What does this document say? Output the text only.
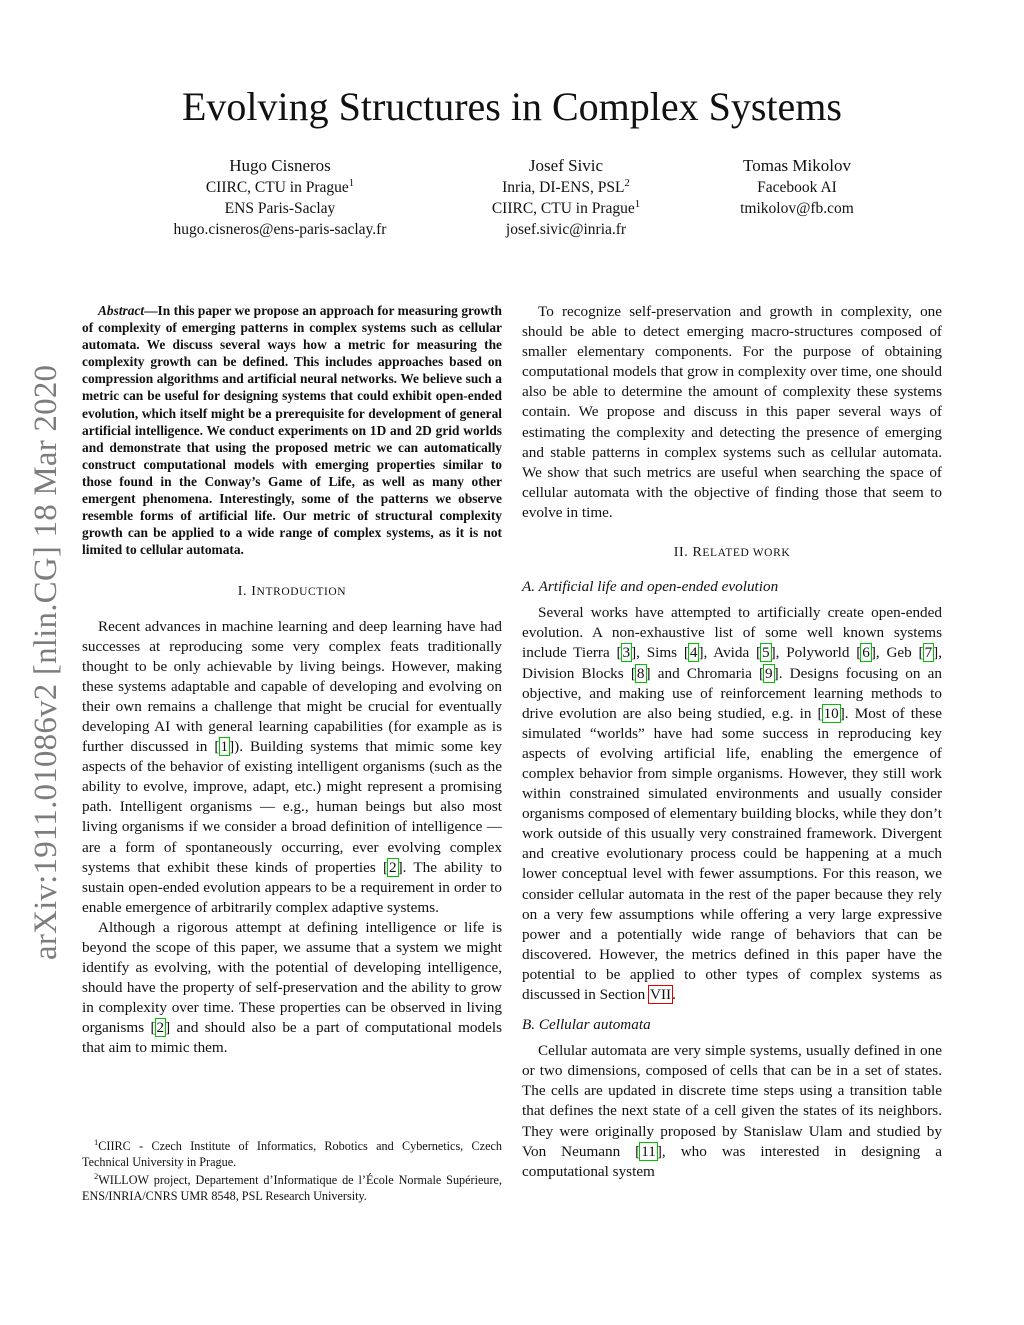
arXiv:1911.01086v2 [nlin.CG] 18 Mar 2020
Evolving Structures in Complex Systems
Hugo Cisneros
CIIRC, CTU in Prague$^1$
ENS Paris-Saclay
hugo.cisneros@ens-paris-saclay.fr
Josef Sivic
Inria, DI-ENS, PSL$^2$
CIIRC, CTU in Prague$^1$
josef.sivic@inria.fr
Tomas Mikolov
Facebook AI
tmikolov@fb.com

Abstract—In this paper we propose an approach for measuring growth of complexity of emerging patterns in complex systems such as cellular automata. We discuss several ways how a metric for measuring the complexity growth can be defined. This includes approaches based on compression algorithms and artificial neural networks. We believe such a metric can be useful for designing systems that could exhibit open-ended evolution, which itself might be a prerequisite for development of general artificial intelligence. We conduct experiments on 1D and 2D grid worlds and demonstrate that using the proposed metric we can automatically construct computational models with emerging properties similar to those found in the Conway’s Game of Life, as well as many other emergent phenomena. Interestingly, some of the patterns we observe resemble forms of artificial life. Our metric of structural complexity growth can be applied to a wide range of complex systems, as it is not limited to cellular automata.

I. INTRODUCTION

Recent advances in machine learning and deep learning have had successes at reproducing some very complex feats traditionally thought to be only achievable by living beings. However, making these systems adaptable and capable of developing and evolving on their own remains a challenge that might be crucial for eventually developing AI with general learning capabilities (for example as is further discussed in [1]). Building systems that mimic some key aspects of the behavior of existing intelligent organisms (such as the ability to evolve, improve, adapt, etc.) might represent a promising path. Intelligent organisms — e.g., human beings but also most living organisms if we consider a broad definition of intelligence — are a form of spontaneously occurring, ever evolving complex systems that exhibit these kinds of properties [2]. The ability to sustain open-ended evolution appears to be a requirement in order to enable emergence of arbitrarily complex adaptive systems.

Although a rigorous attempt at defining intelligence or life is beyond the scope of this paper, we assume that a system we might identify as evolving, with the potential of developing intelligence, should have the property of self-preservation and the ability to grow in complexity over time. These properties can be observed in living organisms [2] and should also be a part of computational models that aim to mimic them.

$^1$CIIRC - Czech Institute of Informatics, Robotics and Cybernetics, Czech Technical University in Prague.

$^2$WILLOW project, Departement d’Informatique de l’École Normale Supérieure, ENS/INRIA/CNRS UMR 8548, PSL Research University.

To recognize self-preservation and growth in complexity, one should be able to detect emerging macro-structures composed of smaller elementary components. For the purpose of obtaining computational models that grow in complexity over time, one should also be able to determine the amount of complexity these systems contain. We propose and discuss in this paper several ways of estimating the complexity and detecting the presence of emerging and stable patterns in complex systems such as cellular automata. We show that such metrics are useful when searching the space of cellular automata with the objective of finding those that seem to evolve in time.

II. RELATED WORK
A. Artificial life and open-ended evolution

Several works have attempted to artificially create open-ended evolution. A non-exhaustive list of some well known systems include Tierra [3], Sims [4], Avida [5], Polyworld [6], Geb [7], Division Blocks [8] and Chromaria [9]. Designs focusing on an objective, and making use of reinforcement learning methods to drive evolution are also being studied, e.g. in [10]. Most of these simulated “worlds” have had some success in reproducing key aspects of evolving artificial life, enabling the emergence of complex behavior from simple organisms. However, they still work within constrained simulated environments and usually consider organisms composed of elementary building blocks, while they don’t work outside of this usually very constrained framework. Divergent and creative evolutionary process could be happening at a much lower conceptual level with fewer assumptions. For this reason, we consider cellular automata in the rest of the paper because they rely on a very few assumptions while offering a very large expressive power and a potentially wide range of behaviors that can be discovered. However, the metrics defined in this paper have the potential to be applied to other types of complex systems as discussed in Section VII.

B. Cellular automata

Cellular automata are very simple systems, usually defined in one or two dimensions, composed of cells that can be in a set of states. The cells are updated in discrete time steps using a transition table that defines the next state of a cell given the states of its neighbors. They were originally proposed by Stanislaw Ulam and studied by Von Neumann [11], who was interested in designing a computational system
